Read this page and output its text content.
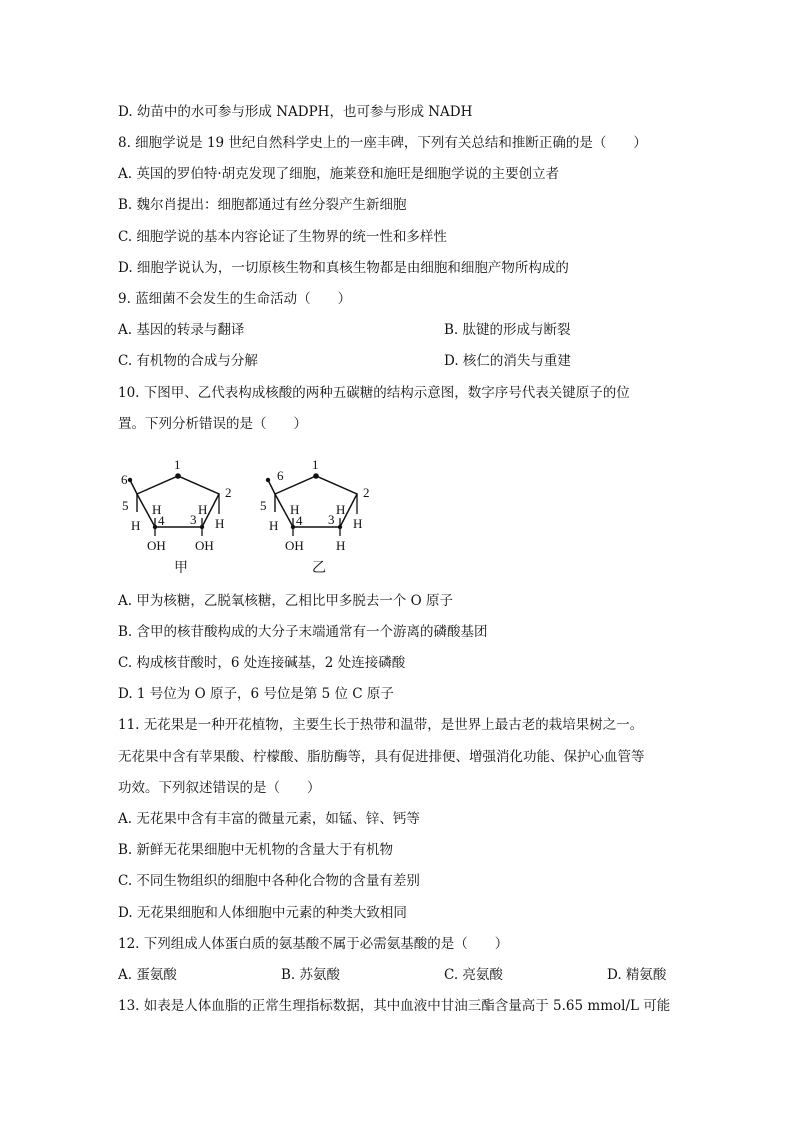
D. 幼苗中的水可参与形成 NADPH，也可参与形成 NADH
8. 细胞学说是 19 世纪自然科学史上的一座丰碑，下列有关总结和推断正确的是（　　）
A. 英国的罗伯特·胡克发现了细胞，施莱登和施旺是细胞学说的主要创立者
B. 魏尔肖提出：细胞都通过有丝分裂产生新细胞
C. 细胞学说的基本内容论证了生物界的统一性和多样性
D. 细胞学说认为，一切原核生物和真核生物都是由细胞和细胞产物所构成的
9. 蓝细菌不会发生的生命活动（　　）
A. 基因的转录与翻译	B. 肽键的形成与断裂
C. 有机物的合成与分解	D. 核仁的消失与重建
10. 下图甲、乙代表构成核酸的两种五碳糖的结构示意图，数字序号代表关键原子的位
置。下列分析错误的是（　　）
6
1
2
5
4 3
H
H	H
H
OH OH
甲
6
1
2
5
4 3
H
H	H
H
OH H
乙
A. 甲为核糖，乙脱氧核糖，乙相比甲多脱去一个 O 原子
B. 含甲的核苷酸构成的大分子末端通常有一个游离的磷酸基团
C. 构成核苷酸时，6 处连接碱基，2 处连接磷酸
D. 1 号位为 O 原子，6 号位是第 5 位 C 原子
11. 无花果是一种开花植物，主要生长于热带和温带，是世界上最古老的栽培果树之一。
无花果中含有苹果酸、柠檬酸、脂肪酶等，具有促进排便、增强消化功能、保护心血管等
功效。下列叙述错误的是（　　）
A. 无花果中含有丰富的微量元素，如锰、锌、钙等
B. 新鲜无花果细胞中无机物的含量大于有机物
C. 不同生物组织的细胞中各种化合物的含量有差别
D. 无花果细胞和人体细胞中元素的种类大致相同
12. 下列组成人体蛋白质的氨基酸不属于必需氨基酸的是（　　）
A. 蛋氨酸	B. 苏氨酸	C. 亮氨酸	D. 精氨酸
13. 如表是人体血脂的正常生理指标数据，其中血液中甘油三酯含量高于 5.65 mmol/L 可能
